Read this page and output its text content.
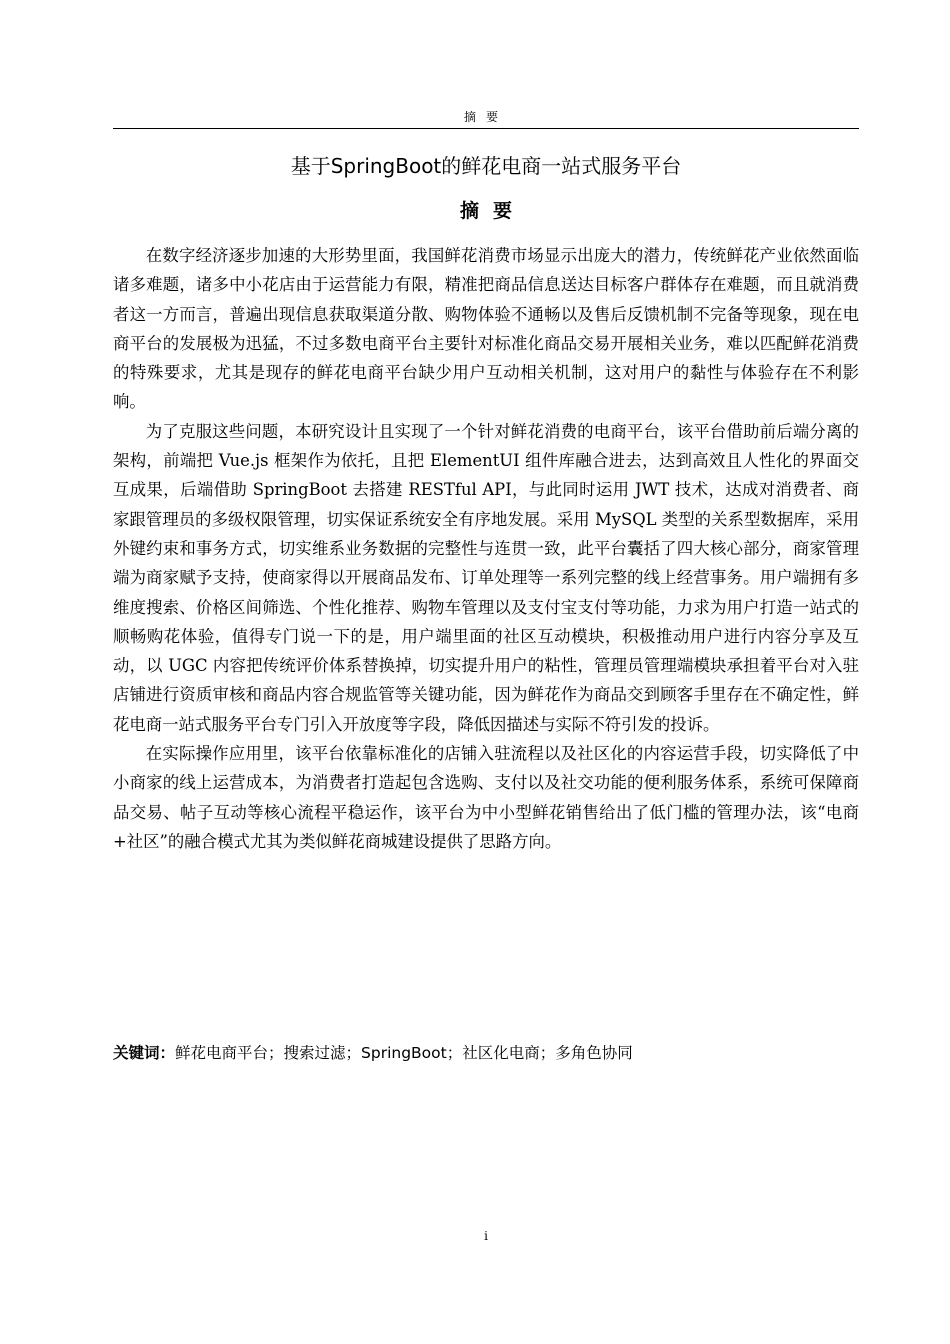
摘要
基于SpringBoot的鲜花电商一站式服务平台
摘要

在数字经济逐步加速的大形势里面，我国鲜花消费市场显示出庞大的潜力，传统鲜花产业依然面临诸多难题，诸多中小花店由于运营能力有限，精准把商品信息送达目标客户群体存在难题，而且就消费者这一方而言，普遍出现信息获取渠道分散、购物体验不通畅以及售后反馈机制不完备等现象，现在电商平台的发展极为迅猛，不过多数电商平台主要针对标准化商品交易开展相关业务，难以匹配鲜花消费的特殊要求，尤其是现存的鲜花电商平台缺少用户互动相关机制，这对用户的黏性与体验存在不利影响。

为了克服这些问题，本研究设计且实现了一个针对鲜花消费的电商平台，该平台借助前后端分离的架构，前端把 Vue.js 框架作为依托，且把 ElementUI 组件库融合进去，达到高效且人性化的界面交互成果，后端借助 SpringBoot 去搭建 RESTful API，与此同时运用 JWT 技术，达成对消费者、商家跟管理员的多级权限管理，切实保证系统安全有序地发展。采用 MySQL 类型的关系型数据库，采用外键约束和事务方式，切实维系业务数据的完整性与连贯一致，此平台囊括了四大核心部分，商家管理端为商家赋予支持，使商家得以开展商品发布、订单处理等一系列完整的线上经营事务。用户端拥有多维度搜索、价格区间筛选、个性化推荐、购物车管理以及支付宝支付等功能，力求为用户打造一站式的顺畅购花体验，值得专门说一下的是，用户端里面的社区互动模块，积极推动用户进行内容分享及互动，以 UGC 内容把传统评价体系替换掉，切实提升用户的粘性，管理员管理端模块承担着平台对入驻店铺进行资质审核和商品内容合规监管等关键功能，因为鲜花作为商品交到顾客手里存在不确定性，鲜花电商一站式服务平台专门引入开放度等字段，降低因描述与实际不符引发的投诉。

在实际操作应用里，该平台依靠标准化的店铺入驻流程以及社区化的内容运营手段，切实降低了中小商家的线上运营成本，为消费者打造起包含选购、支付以及社交功能的便利服务体系，系统可保障商品交易、帖子互动等核心流程平稳运作，该平台为中小型鲜花销售给出了低门槛的管理办法，该“电商+社区”的融合模式尤其为类似鲜花商城建设提供了思路方向。

关键词：鲜花电商平台；搜索过滤；SpringBoot；社区化电商；多角色协同
i
